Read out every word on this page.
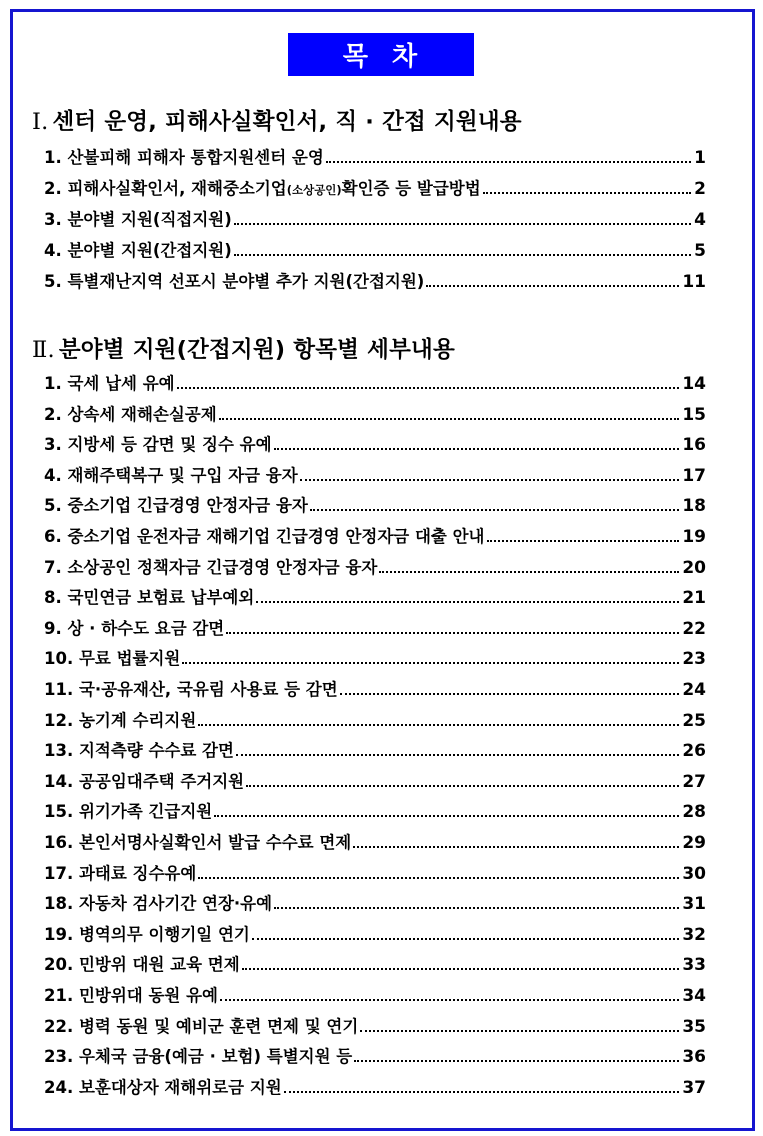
목  차
Ⅰ. 센터 운영, 피해사실확인서, 직 · 간접 지원내용
1. 산불피해 피해자 통합지원센터 운영	1
2. 피해사실확인서, 재해중소기업(소상공인)확인증 등 발급방법	2
3. 분야별 지원(직접지원)	4
4. 분야별 지원(간접지원)	5
5. 특별재난지역 선포시 분야별 추가 지원(간접지원)	11
Ⅱ. 분야별 지원(간접지원) 항목별 세부내용
1. 국세 납세 유예	14
2. 상속세 재해손실공제	15
3. 지방세 등 감면 및 징수 유예	16
4. 재해주택복구 및 구입 자금 융자	17
5. 중소기업 긴급경영 안정자금 융자	18
6. 중소기업 운전자금 재해기업 긴급경영 안정자금 대출 안내	19
7. 소상공인 정책자금 긴급경영 안정자금 융자	20
8. 국민연금 보험료 납부예외	21
9. 상 · 하수도 요금 감면	22
10. 무료 법률지원	23
11. 국·공유재산, 국유림 사용료 등 감면	24
12. 농기계 수리지원	25
13. 지적측량 수수료 감면	26
14. 공공임대주택 주거지원	27
15. 위기가족 긴급지원	28
16. 본인서명사실확인서 발급 수수료 면제	29
17. 과태료 징수유예	30
18. 자동차 검사기간 연장·유예	31
19. 병역의무 이행기일 연기	32
20. 민방위 대원 교육 면제	33
21. 민방위대 동원 유예	34
22. 병력 동원 및 예비군 훈련 면제 및 연기	35
23. 우체국 금융(예금 · 보험) 특별지원 등	36
24. 보훈대상자 재해위로금 지원	37
